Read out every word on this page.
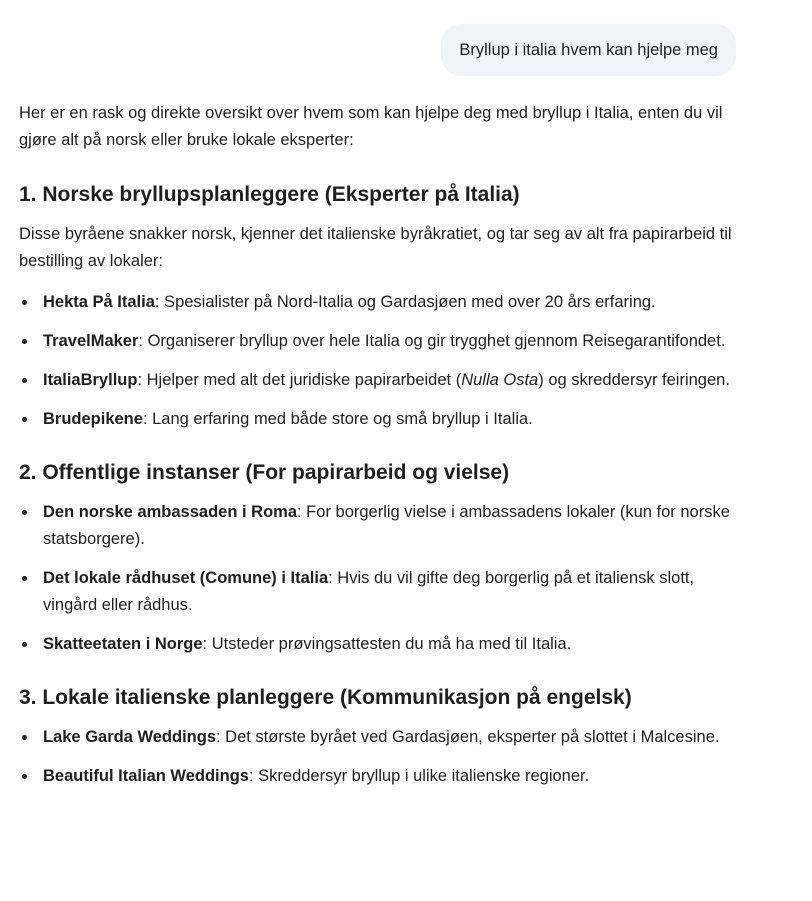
Bryllup i italia hvem kan hjelpe meg

Her er en rask og direkte oversikt over hvem som kan hjelpe deg med bryllup i Italia, enten du vil gjøre alt på norsk eller bruke lokale eksperter:

1. Norske bryllupsplanleggere (Eksperter på Italia)

Disse byråene snakker norsk, kjenner det italienske byråkratiet, og tar seg av alt fra papirarbeid til bestilling av lokaler:

Hekta På Italia: Spesialister på Nord-Italia og Gardasjøen med over 20 års erfaring.
TravelMaker: Organiserer bryllup over hele Italia og gir trygghet gjennom Reisegarantifondet.
ItaliaBryllup: Hjelper med alt det juridiske papirarbeidet (Nulla Osta) og skreddersyr feiringen.
Brudepikene: Lang erfaring med både store og små bryllup i Italia.
2. Offentlige instanser (For papirarbeid og vielse)
Den norske ambassaden i Roma: For borgerlig vielse i ambassadens lokaler (kun for norske statsborgere).
Det lokale rådhuset (Comune) i Italia: Hvis du vil gifte deg borgerlig på et italiensk slott, vingård eller rådhus.
Skatteetaten i Norge: Utsteder prøvingsattesten du må ha med til Italia.
3. Lokale italienske planleggere (Kommunikasjon på engelsk)
Lake Garda Weddings: Det største byrået ved Gardasjøen, eksperter på slottet i Malcesine.
Beautiful Italian Weddings: Skreddersyr bryllup i ulike italienske regioner.
